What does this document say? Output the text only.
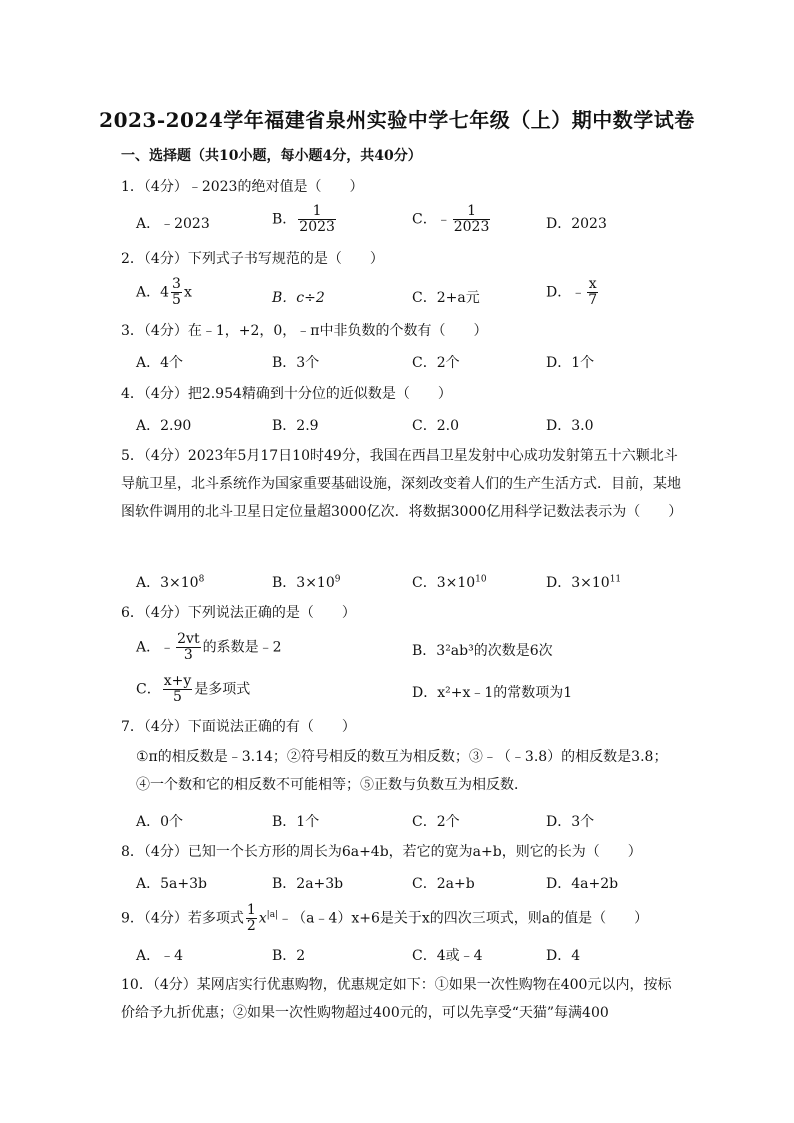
2023-2024学年福建省泉州实验中学七年级（上）期中数学试卷
一、选择题（共10小题，每小题4分，共40分）
1．（4分）﹣2023的绝对值是（　　）
A．﹣2023	B． $\frac{1}{2023}$	C．﹣ $\frac{1}{2023}$	D．2023
2．（4分）下列式子书写规范的是（　　）
A．$4 \frac{3}{5}$ x	B．c÷2	C．2+a元	D．﹣ $\frac{x}{7}$
3．（4分）在﹣1，+2，0，﹣π中非负数的个数有（　　）
A．4个	B．3个	C．2个	D．1个
4．（4分）把2.954精确到十分位的近似数是（　　）
A．2.90	B．2.9	C．2.0	D．3.0
5．（4分）2023年5月17日10时49分，我国在西昌卫星发射中心成功发射第五十六颗北斗导航卫星，北斗系统作为国家重要基础设施，深刻改变着人们的生产生活方式．目前，某地图软件调用的北斗卫星日定位量超3000亿次．将数据3000亿用科学记数法表示为（　　）
A．$3\times 10^8$	B．$3\times 10^9$	C．$3\times 10^{10}$	D．$3\times 10^{11}$
6．（4分）下列说法正确的是（　　）
A．﹣ $\frac{2vt}{3}$ 的系数是﹣2	B．3²ab³的次数是6次
C． $\frac{x+y}{5}$ 是多项式	D．x²+x﹣1的常数项为1
7．（4分）下面说法正确的有（　　）
①π的相反数是﹣3.14；②符号相反的数互为相反数；③﹣（﹣3.8）的相反数是3.8；④一个数和它的相反数不可能相等；⑤正数与负数互为相反数．
A．0个	B．1个	C．2个	D．3个
8．（4分）已知一个长方形的周长为6a+4b，若它的宽为a+b，则它的长为（　　）
A．5a+3b	B．2a+3b	C．2a+b	D．4a+2b
9．（4分）若多项式 $\frac{1}{2}$ $x^{|a|}﹣(a﹣4)x+6$是关于x的四次三项式，则a的值是（　　）
A．﹣4	B．2	C．4或﹣4	D．4
10．（4分）某网店实行优惠购物，优惠规定如下：①如果一次性购物在400元以内，按标价给予九折优惠；②如果一次性购物超过400元的，可以先享受“天猫”每满400
